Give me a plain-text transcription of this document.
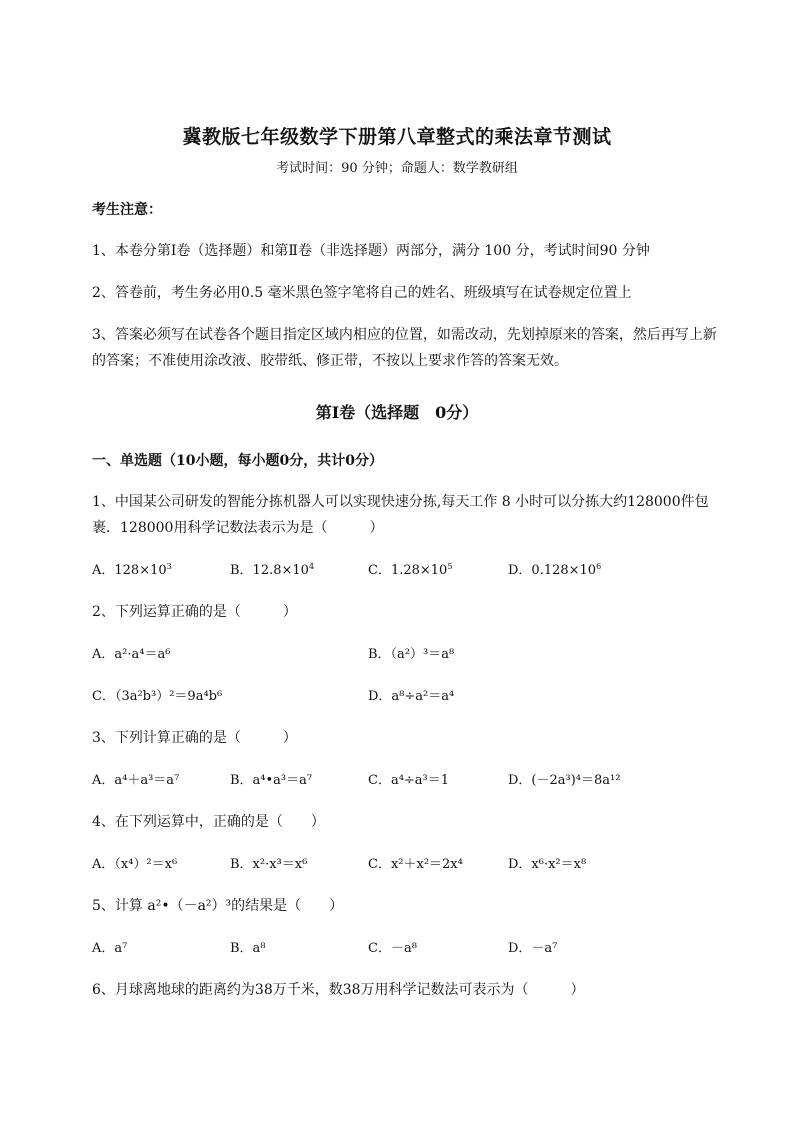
冀教版七年级数学下册第八章整式的乘法章节测试
考试时间：90 分钟；命题人：数学教研组
考生注意：
1、本卷分第Ⅰ卷（选择题）和第Ⅱ卷（非选择题）两部分，满分 100 分，考试时间90 分钟
2、答卷前，考生务必用0.5 毫米黑色签字笔将自己的姓名、班级填写在试卷规定位置上
3、答案必须写在试卷各个题目指定区域内相应的位置，如需改动，先划掉原来的答案，然后再写上新
的答案；不准使用涂改液、胶带纸、修正带，不按以上要求作答的答案无效。
第Ⅰ卷（选择题　0分）
一、单选题（10小题，每小题0分，共计0分）
1、中国某公司研发的智能分拣机器人可以实现快速分拣,每天工作 8 小时可以分拣大约128000件包
裹．128000用科学记数法表示为是（　　　）
A．$128\times 10^3$	B．$12.8\times 10^4$	C．$1.28\times 10^5$	D．$0.128\times 10^6$
2、下列运算正确的是（　　　）
A．a²·a⁴＝a⁶	B．（a²）³＝a⁸
C．（3a²b³）²＝9a⁴b⁶	D．a⁸÷a²＝a⁴
3、下列计算正确的是（　　　）
A．a⁴＋a³＝a⁷	B．a⁴•a³＝a⁷	C．a⁴÷a³＝1	D．(－2a³)⁴＝8a¹²
4、在下列运算中，正确的是（　　）
A．（x⁴）²＝x⁶	B．x²·x³＝x⁶	C．x²＋x²＝2x⁴	D．x⁶·x²＝x⁸
5、计算 a²•（－a²）³的结果是（　　）
A．a⁷	B．a⁸	C．－a⁸	D．－a⁷
6、月球离地球的距离约为38万千米，数38万用科学记数法可表示为（　　　）
